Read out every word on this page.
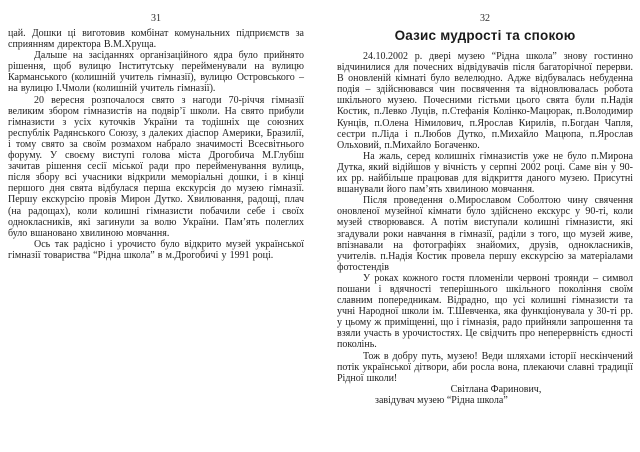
31

цай. Дошки ці виготовив комбінат комунальних підприємств за сприянням директора В.М.Хруща.

Дальше на засіданнях організаційного ядра було прийнято рішення, щоб вулицю Інститутську перейменували на вулицю Карманського (колишній учитель гімназії), вулицю Островського – на вулицю І.Чмоли (колишній учитель гімназії).

20 вересня розпочалося свято з нагоди 70-річчя гімназії великим збором гімназистів на подвір’ї школи. На свято прибули гімназисти з усіх куточків України та тодішніх ще союзних республік Радянського Союзу, з далеких діаспор Америки, Бразилії, і тому свято за своїм розмахом набрало значимості Всесвітнього форуму. У своєму виступі голова міста Дрогобича М.Глубіш зачитав рішення сесії міської ради про перейменування вулиць, після збору всі учасники відкрили меморіальні дошки, і в кінці першого дня свята відбулася перша екскурсія до музею гімназії. Першу екскурсію провів Мирон Дутко. Хвилювання, радощі, плач (на радощах), коли колишні гімназисти побачили себе і своїх однокласників, які загинули за волю України. Пам’ять полеглих було вшановано хвилиною мовчання.

Ось так радісно і урочисто було відкрито музей української гімназії товариства “Рідна школа” в м.Дрогобичі у 1991 році.

32
Оазис мудрості та спокою

24.10.2002 р. двері музею “Рідна школа” знову гостинно відчинилися для почесних відвідувачів після багаторічної перерви. В оновленій кімнаті було велелюдно. Адже відбувалась небуденна подія – здійснювався чин посвячення та відновлювалась робота шкільного музею. Почесними гістьми цього свята були п.Надія Костик, п.Левко Луців, п.Стефанія Колінко-Мацюрак, п.Володимир Кунців, п.Олена Німилович, п.Ярослав Кирилів, п.Богдан Чапля, сестри п.Ліда і п.Любов Дутко, п.Михайло Мацюпа, п.Ярослав Ольховий, п.Михайло Богаченко.

На жаль, серед колишніх гімназистів уже не було п.Мирона Дутка, який відійшов у вічність у серпні 2002 році. Саме він у 90-их рр. найбільше працював для відкриття даного музею. Присутні вшанували його пам’ять хвилиною мовчання.

Після проведення о.Мирославом Соболтою чину свячення оновленої музейної кімнати було здійснено екскурс у 90-ті, коли музей створювався. А потім виступали колишні гімназисти, які згадували роки навчання в гімназії, раділи з того, що музей живе, впізнавали на фотографіях знайомих, друзів, однокласників, учителів. п.Надія Костик провела першу екскурсію за матеріалами фотостендів

У роках кожного гостя пломеніли червоні троянди – символ пошани і вдячності теперішнього шкільного покоління своїм славним попередникам. Відрадно, що усі колишні гімназисти та учні Народної школи ім. Т.Шевченка, яка функціонувала у 30-ті рр. у цьому ж приміщенні, що і гімназія, радо прийняли запрошення та взяли участь в урочистостях. Це свідчить про неперервність єдності поколінь.

Тож в добру путь, музею! Веди шляхами історії нескінчений потік української дітвори, аби росла вона, плекаючи славні традиції Рідної школи!

Світлана Фаринович,
завідувач музею “Рідна школа”
